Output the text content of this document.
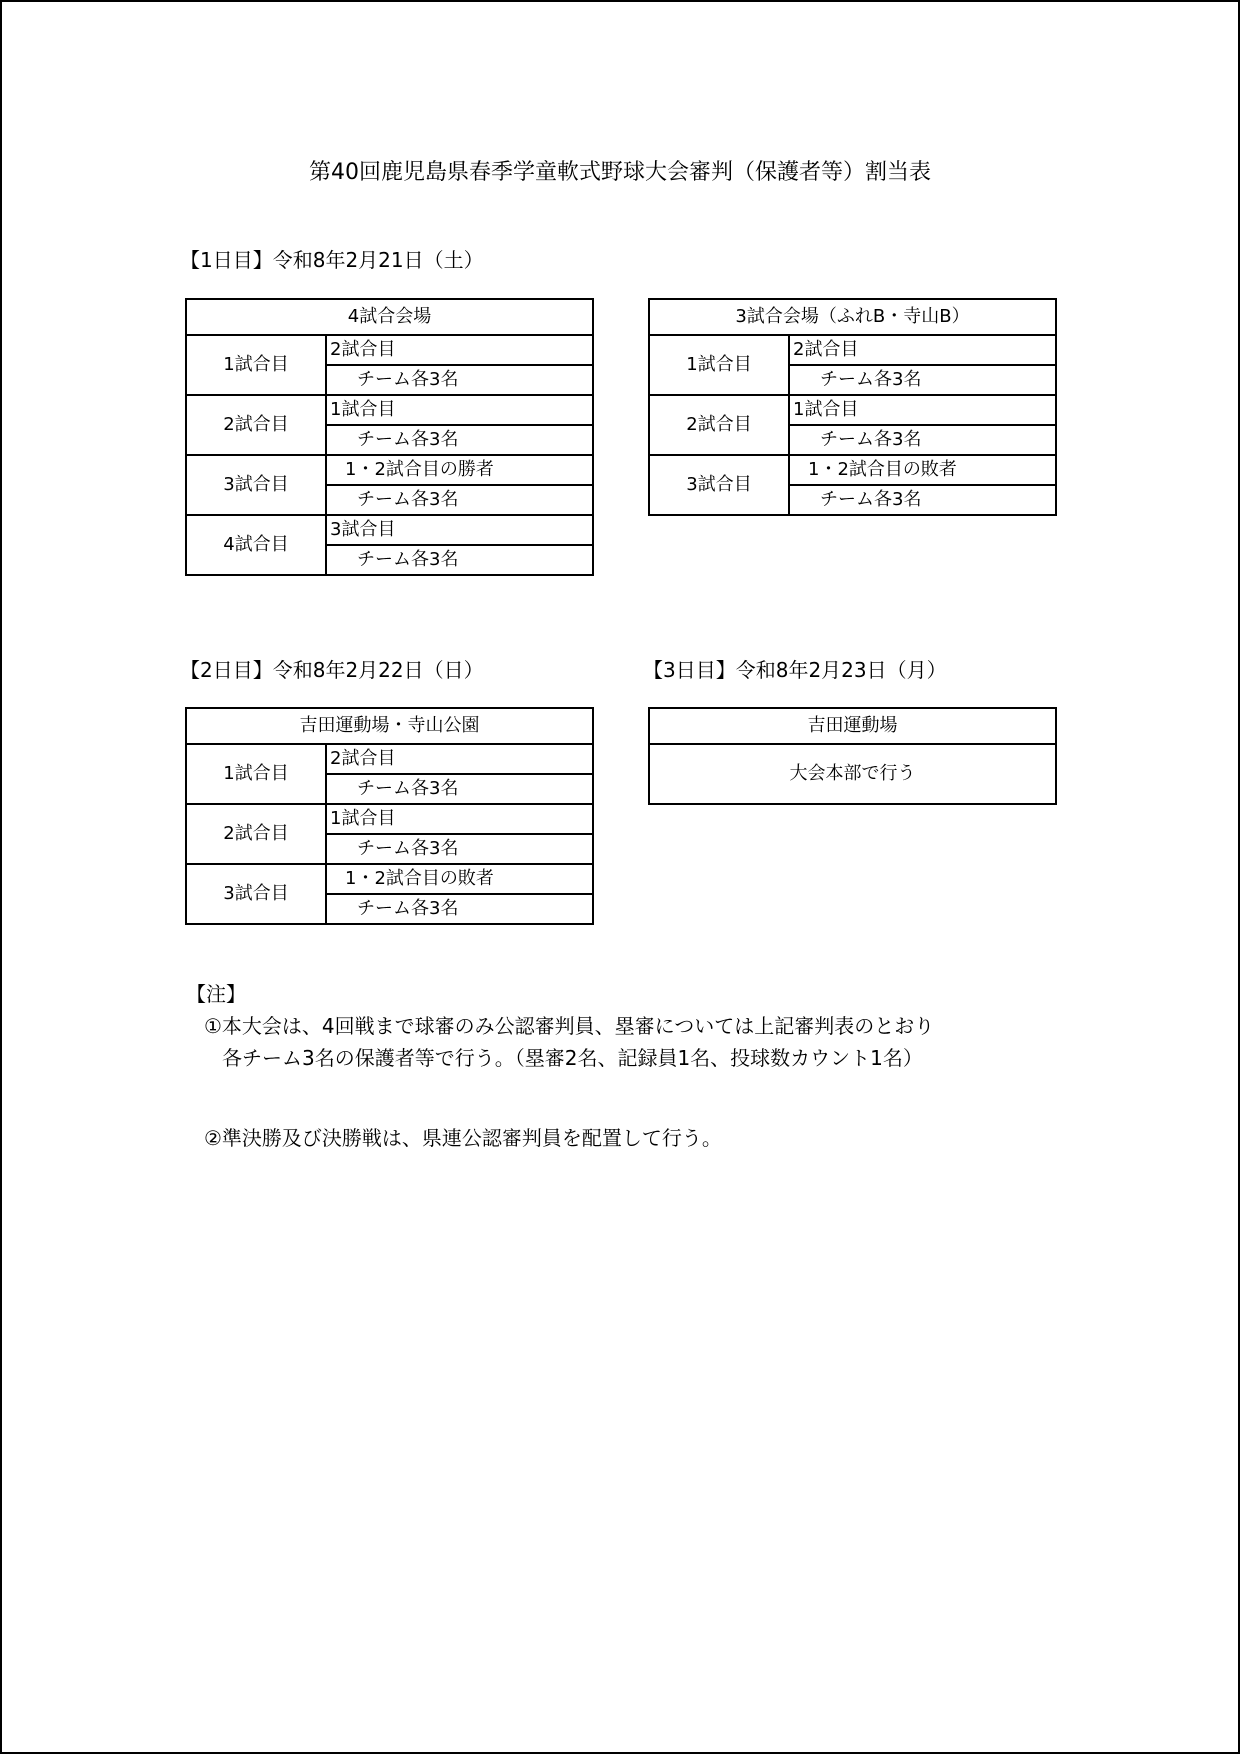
第40回鹿児島県春季学童軟式野球大会審判（保護者等）割当表
【1日目】令和8年2月21日（土）
4試合会場	
1試合目	2試合目
	チーム各3名
2試合目	1試合目
	チーム各3名
3試合目	1・2試合目の勝者
	チーム各3名
4試合目	3試合目
	チーム各3名
3試合会場（ふれB・寺山B）	
1試合目	2試合目
	チーム各3名
2試合目	1試合目
	チーム各3名
3試合目	1・2試合目の敗者
	チーム各3名
【2日目】令和8年2月22日（日）
吉田運動場・寺山公園	
1試合目	2試合目
	チーム各3名
2試合目	1試合目
	チーム各3名
3試合目	1・2試合目の敗者
	チーム各3名
【3日目】令和8年2月23日（月）
吉田運動場
大会本部で行う
【注】
①本大会は、4回戦まで球審のみ公認審判員、塁審については上記審判表のとおり
各チーム3名の保護者等で行う。（塁審2名、記録員1名、投球数カウント1名）
②準決勝及び決勝戦は、県連公認審判員を配置して行う。
